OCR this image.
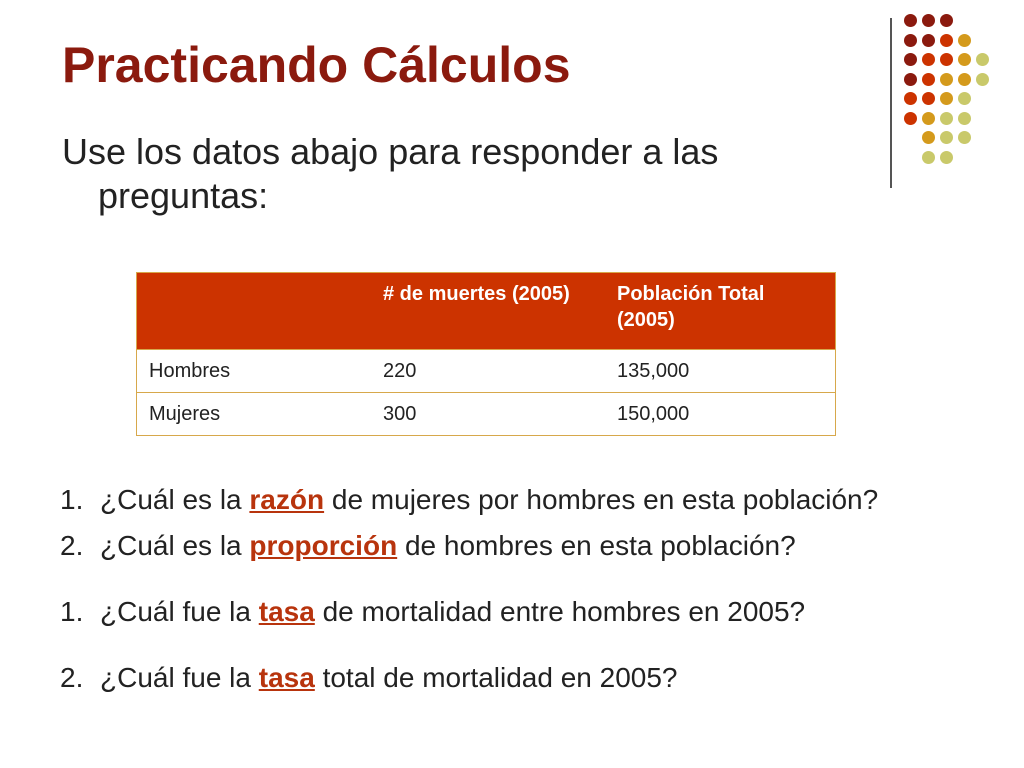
Practicando Cálculos

Use los datos abajo para responder a las preguntas:

	# de muertes (2005)	Población Total (2005)
Hombres	220	135,000
Mujeres	300	150,000
1. ¿Cuál es la razón de mujeres por hombres en esta población?
2. ¿Cuál es la proporción de hombres en esta población?
1. ¿Cuál fue la tasa de mortalidad entre hombres en 2005?
2. ¿Cuál fue la tasa total de mortalidad en 2005?
